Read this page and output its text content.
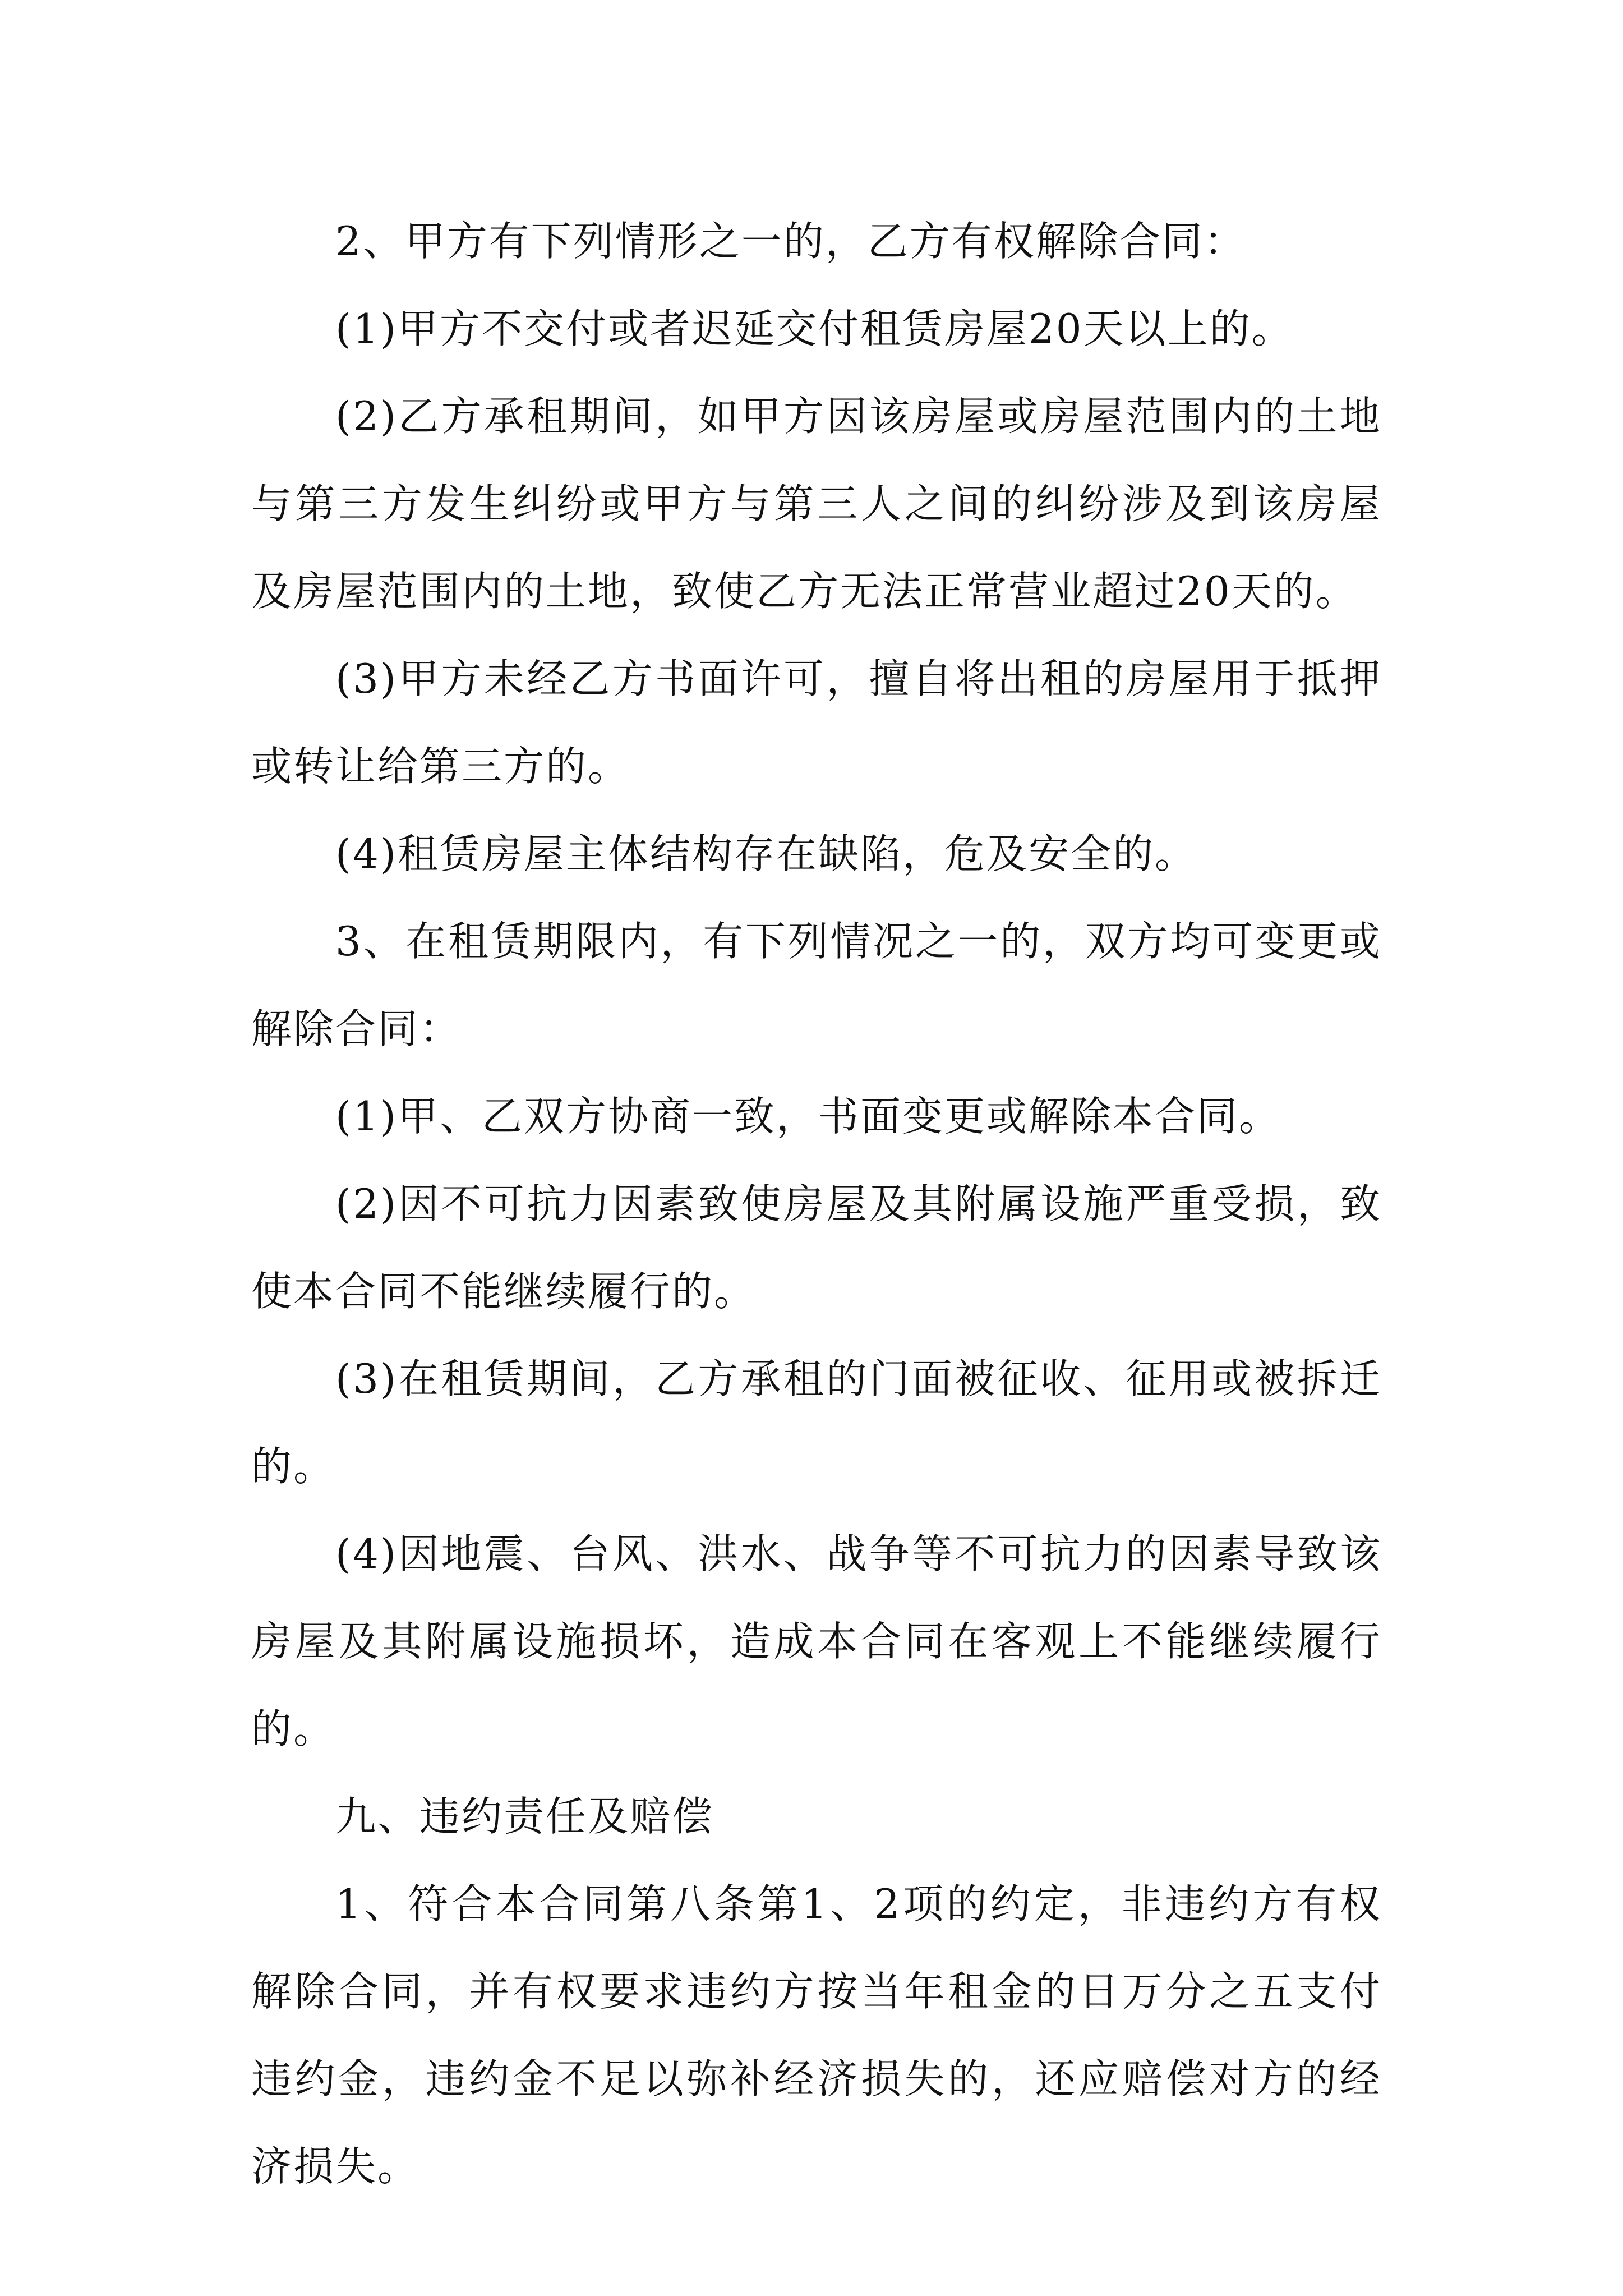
2、甲方有下列情形之一的，乙方有权解除合同：

(1)甲方不交付或者迟延交付租赁房屋20天以上的。

(2)乙方承租期间，如甲方因该房屋或房屋范围内的土地与第三方发生纠纷或甲方与第三人之间的纠纷涉及到该房屋及房屋范围内的土地，致使乙方无法正常营业超过20天的。

(3)甲方未经乙方书面许可，擅自将出租的房屋用于抵押或转让给第三方的。

(4)租赁房屋主体结构存在缺陷，危及安全的。

3、在租赁期限内，有下列情况之一的，双方均可变更或解除合同：

(1)甲、乙双方协商一致，书面变更或解除本合同。

(2)因不可抗力因素致使房屋及其附属设施严重受损，致使本合同不能继续履行的。

(3)在租赁期间，乙方承租的门面被征收、征用或被拆迁的。

(4)因地震、台风、洪水、战争等不可抗力的因素导致该房屋及其附属设施损坏，造成本合同在客观上不能继续履行的。

九、违约责任及赔偿

1、符合本合同第八条第1、2项的约定，非违约方有权解除合同，并有权要求违约方按当年租金的日万分之五支付违约金，违约金不足以弥补经济损失的，还应赔偿对方的经济损失。
